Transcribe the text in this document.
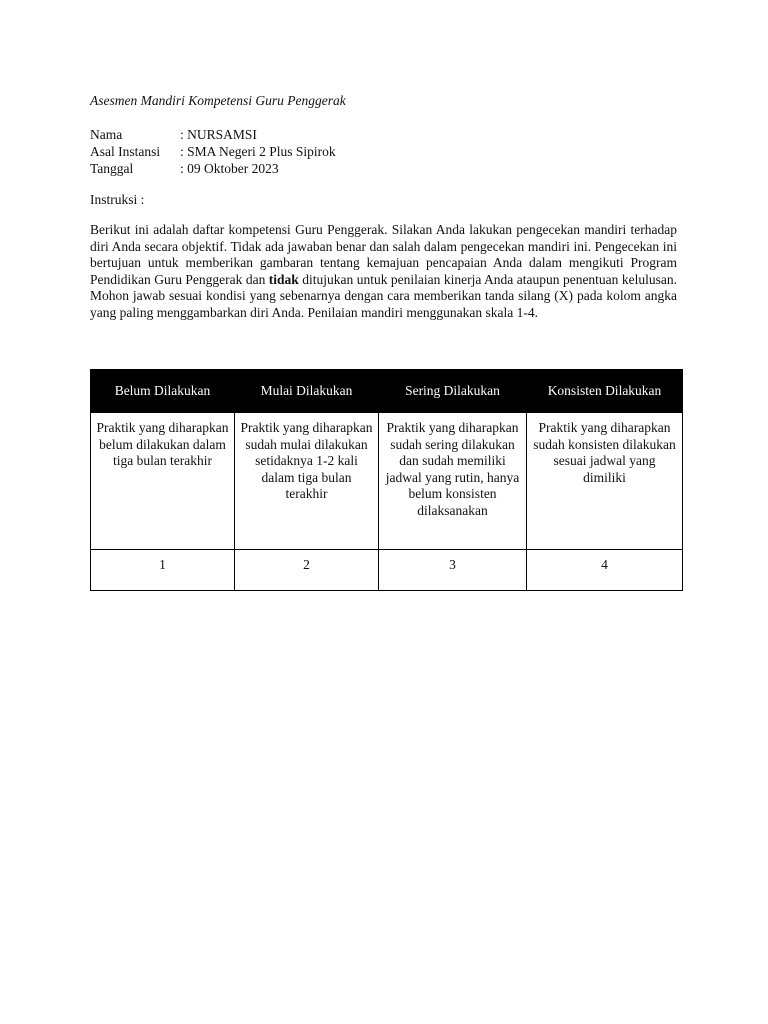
Asesmen Mandiri Kompetensi Guru Penggerak
Nama	: NURSAMSI
Asal Instansi	: SMA Negeri 2 Plus Sipirok
Tanggal	: 09 Oktober 2023
Instruksi :

Berikut ini adalah daftar kompetensi Guru Penggerak. Silakan Anda lakukan pengecekan mandiri terhadap diri Anda secara objektif. Tidak ada jawaban benar dan salah dalam pengecekan mandiri ini. Pengecekan ini bertujuan untuk memberikan gambaran tentang kemajuan pencapaian Anda dalam mengikuti Program Pendidikan Guru Penggerak dan tidak ditujukan untuk penilaian kinerja Anda ataupun penentuan kelulusan. Mohon jawab sesuai kondisi yang sebenarnya dengan cara memberikan tanda silang (X) pada kolom angka yang paling menggambarkan diri Anda. Penilaian mandiri menggunakan skala 1-4.

Belum Dilakukan	Mulai Dilakukan	Sering Dilakukan	Konsisten Dilakukan
Praktik yang diharapkan belum dilakukan dalam tiga bulan terakhir	Praktik yang diharapkan sudah mulai dilakukan setidaknya 1-2 kali dalam tiga bulan terakhir	Praktik yang diharapkan sudah sering dilakukan dan sudah memiliki jadwal yang rutin, hanya belum konsisten dilaksanakan	Praktik yang diharapkan sudah konsisten dilakukan sesuai jadwal yang dimiliki
1	2	3	4
